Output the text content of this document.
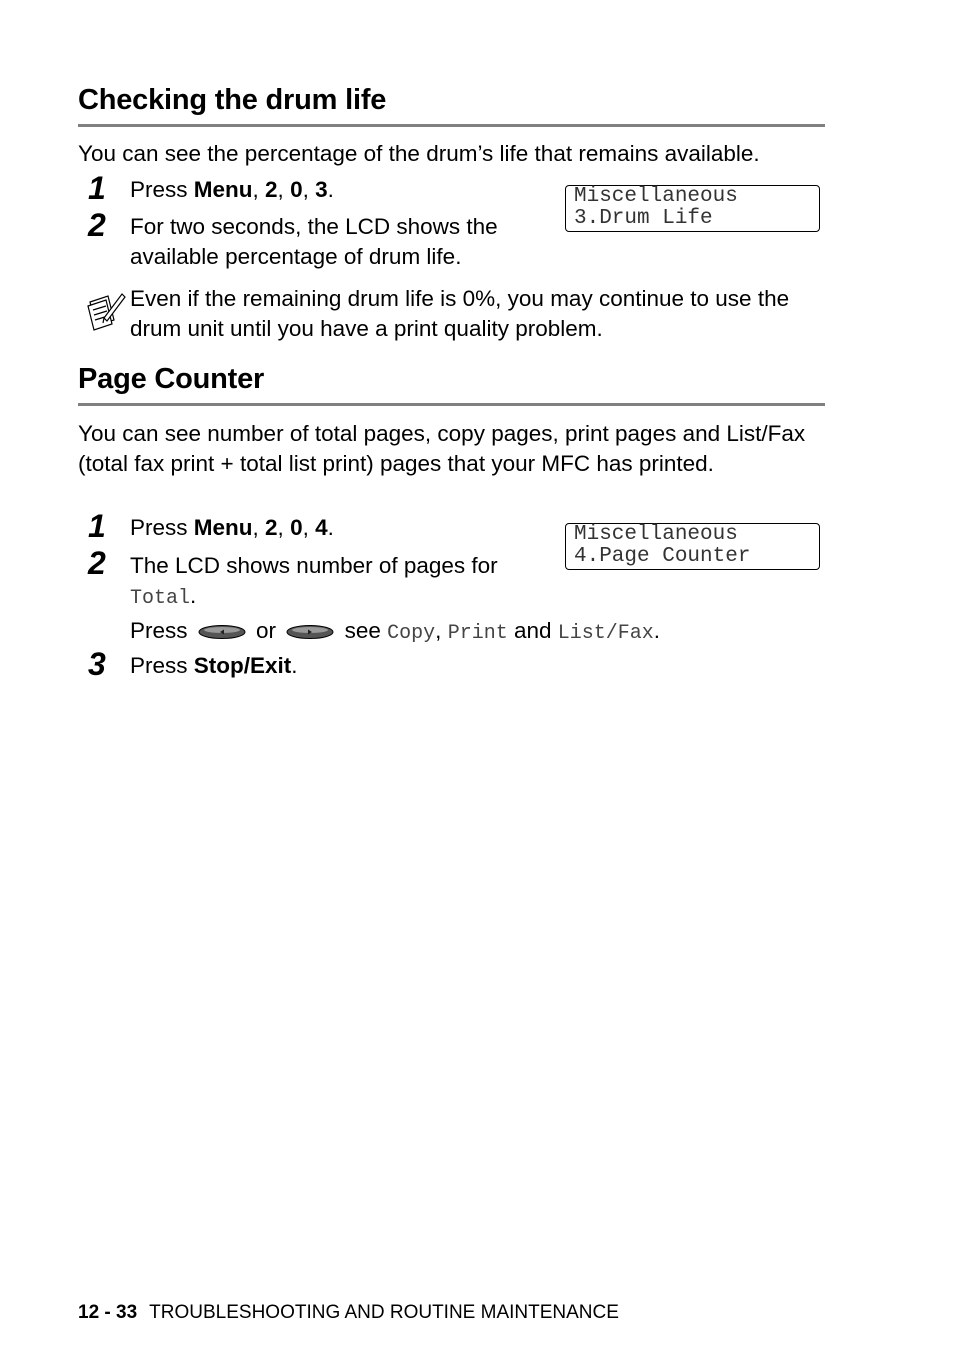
Checking the drum life
You can see the percentage of the drum’s life that remains available.
1 Press Menu, 2, 0, 3.
2 For two seconds, the LCD shows the
available percentage of drum life.
Miscellaneous
3.Drum Life
Even if the remaining drum life is 0%, you may continue to use the drum unit until you have a print quality problem.
Page Counter
You can see number of total pages, copy pages, print pages and List/Fax (total fax print + total list print) pages that your MFC has printed.
1 Press Menu, 2, 0, 4.	Miscellaneous
4.Page Counter
2 The LCD shows number of pages for
Total.
Press	or	see Copy, Print and List/Fax.
3 Press Stop/Exit.
12 - 33 TROUBLESHOOTING AND ROUTINE MAINTENANCE
